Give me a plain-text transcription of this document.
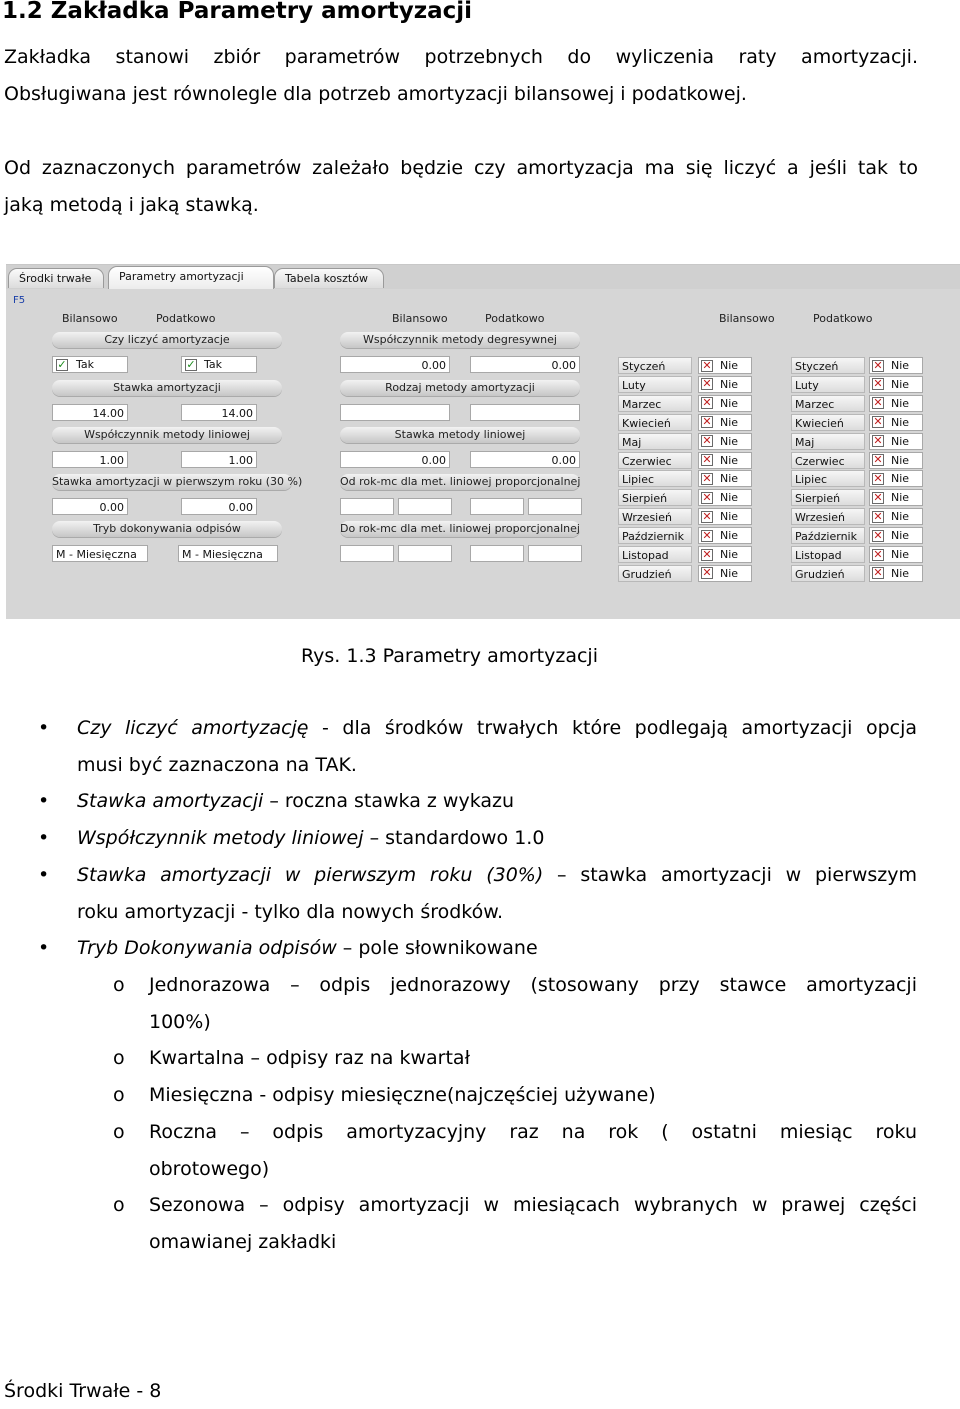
1.2 Zakładka Parametry amortyzacji
Zakładka stanowi zbiór parametrów potrzebnych do wyliczenia raty amortyzacji.
Obsługiwana jest równolegle dla potrzeb amortyzacji bilansowej i podatkowej.
Od zaznaczonych parametrów zależało będzie czy amortyzacja ma się liczyć a jeśli tak to
jaką metodą i jaką stawką.
Środki trwałe	Parametry amortyzacji	Tabela kosztów
F5
Bilansowo	Podatkowo
Czy liczyć amortyzacje
✓ Tak	✓ Tak
Stawka amortyzacji
14.00	14.00
Współczynnik metody liniowej
1.00	1.00
Stawka amortyzacji w pierwszym roku (30 %)
0.00	0.00
Tryb dokonywania odpisów
M - Miesięczna	M - Miesięczna
Bilansowo	Podatkowo
Współczynnik metody degresywnej
0.00	0.00
Rodzaj metody amortyzacji
Stawka metody liniowej
0.00	0.00
Od rok-mc dla met. liniowej proporcjonalnej
Do rok-mc dla met. liniowej proporcjonalnej
Bilansowo	Podatkowo
Styczeń	✕ Nie	Styczeń	✕ Nie
Luty	✕ Nie	Luty	✕ Nie
Marzec	✕ Nie	Marzec	✕ Nie
Kwiecień	✕ Nie	Kwiecień	✕ Nie
Maj	✕ Nie	Maj	✕ Nie
Czerwiec	✕ Nie	Czerwiec	✕ Nie
Lipiec	✕ Nie	Lipiec	✕ Nie
Sierpień	✕ Nie	Sierpień	✕ Nie
Wrzesień	✕ Nie	Wrzesień	✕ Nie
Październik	✕ Nie	Październik	✕ Nie
Listopad	✕ Nie	Listopad	✕ Nie
Grudzień	✕ Nie	Grudzień	✕ Nie
Rys. 1.3 Parametry amortyzacji
• Czy liczyć amortyzację - dla środków trwałych które podlegają amortyzacji opcja
musi być zaznaczona na TAK.
• Stawka amortyzacji – roczna stawka z wykazu
• Współczynnik metody liniowej – standardowo 1.0
• Stawka amortyzacji w pierwszym roku (30%) – stawka amortyzacji w pierwszym
roku amortyzacji - tylko dla nowych środków.
• Tryb Dokonywania odpisów – pole słownikowane
o Jednorazowa – odpis jednorazowy (stosowany przy stawce amortyzacji
100%)
o Kwartalna – odpisy raz na kwartał
o Miesięczna - odpisy miesięczne(najczęściej używane)
o Roczna – odpis amortyzacyjny raz na rok ( ostatni miesiąc roku
obrotowego)
o Sezonowa – odpisy amortyzacji w miesiącach wybranych w prawej części
omawianej zakładki
Środki Trwałe - 8
